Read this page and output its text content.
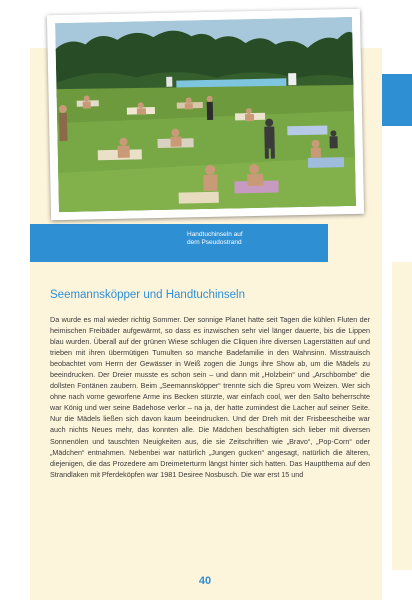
Handtuchinseln auf
dem Pseudostrand
Seemannsköpper und Handtuchinseln

Da wurde es mal wieder richtig Sommer. Der sonnige Planet hatte seit Tagen die kühlen Fluten der heimischen Freibäder aufgewärmt, so dass es inzwischen sehr viel länger dauerte, bis die Lippen blau wurden. Überall auf der grünen Wiese schlugen die Cliquen ihre diversen Lagerstätten auf und trieben mit ihren übermütigen Tumulten so manche Badefamilie in den Wahnsinn. Misstrauisch beobachtet vom Herrn der Gewässer in Weiß zogen die Jungs ihre Show ab, um die Mädels zu beeindrucken. Der Dreier musste es schon sein – und dann mit „Holzbein“ und „Arschbombe“ die dollsten Fontänen zaubern. Beim „Seemannsköpper“ trennte sich die Spreu vom Weizen. Wer sich ohne nach vorne geworfene Arme ins Becken stürzte, war einfach cool, wer den Salto beherrschte war König und wer seine Badehose verlor – na ja, der hatte zumindest die Lacher auf seiner Seite. Nur die Mädels ließen sich davon kaum beeindrucken. Und der Dreh mit der Frisbeescheibe war auch nichts Neues mehr, das konnten alle. Die Mädchen beschäftigten sich lieber mit diversen Sonnenölen und tauschten Neuigkeiten aus, die sie Zeitschriften wie „Bravo“, „Pop-Corn“ oder „Mädchen“ entnahmen. Nebenbei war natürlich „Jungen gucken“ angesagt, natürlich die älteren, diejenigen, die das Prozedere am Dreimeterturm längst hinter sich hatten. Das Hauptthema auf den Strandlaken mit Pferdeköpfen war 1981 Desiree Nosbusch. Die war erst 15 und

40
